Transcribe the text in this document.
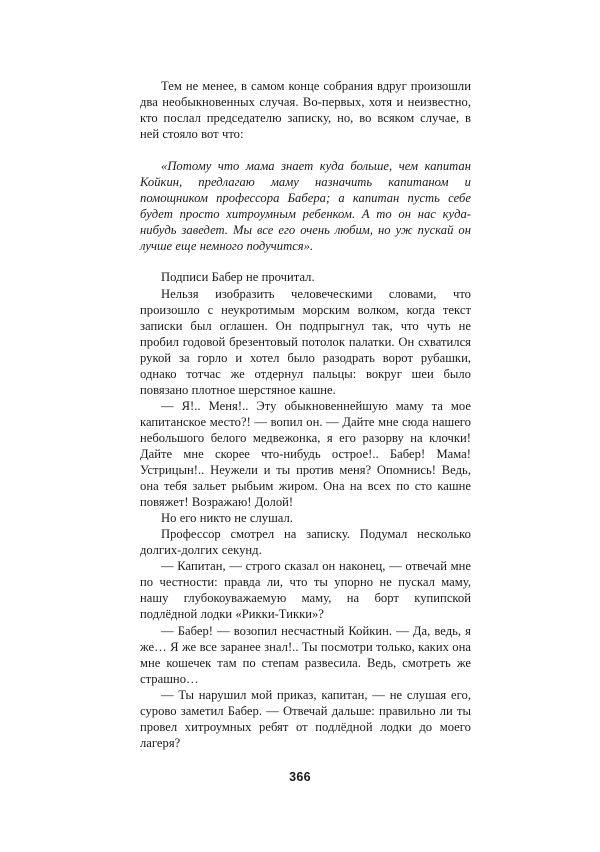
Тем не менее, в самом конце собрания вдруг произошли два необыкновенных случая. Во-первых, хотя и неизвестно, кто послал председателю записку, но, во всяком случае, в ней стояло вот что:

«Потому что мама знает куда больше, чем капитан Койкин, предлагаю маму назначить капитаном и помощником профессора Бабера; а капитан пусть себе будет просто хитроумным ребенком. А то он нас куда-нибудь заведет. Мы все его очень любим, но уж пускай он лучше еще немного подучится».

Подписи Бабер не прочитал.

Нельзя изобразить человеческими словами, что произошло с неукротимым морским волком, когда текст записки был оглашен. Он подпрыгнул так, что чуть не пробил годовой брезентовый потолок палатки. Он схватился рукой за горло и хотел было разодрать ворот рубашки, однако тотчас же отдернул пальцы: вокруг шеи было повязано плотное шерстяное кашне.

— Я!.. Меня!.. Эту обыкновеннейшую маму та мое капитанское место?! — вопил он. — Дайте мне сюда нашего небольшого белого медвежонка, я его разорву на клочки! Дайте мне скорее что-нибудь острое!.. Бабер! Мама! Устрицын!.. Неужели и ты против меня? Опомнись! Ведь, она тебя зальет рыбьим жиром. Она на всех по сто кашне повяжет! Возражаю! Долой!

Но его никто не слушал.

Профессор смотрел на записку. Подумал несколько долгих-долгих секунд.

— Капитан, — строго сказал он наконец, — отвечай мне по честности: правда ли, что ты упорно не пускал маму, нашу глубокоуважаемую маму, на борт купипской подлёдной лодки «Рикки-Тикки»?

— Бабер! — возопил несчастный Койкин. — Да, ведь, я же… Я же все заранее знал!.. Ты посмотри только, каких она мне кошечек там по степам развесила. Ведь, смотреть же страшно…

— Ты нарушил мой приказ, капитан, — не слушая его, сурово заметил Бабер. — Отвечай дальше: правильно ли ты провел хитроумных ребят от подлёдной лодки до моего лагеря?

366
